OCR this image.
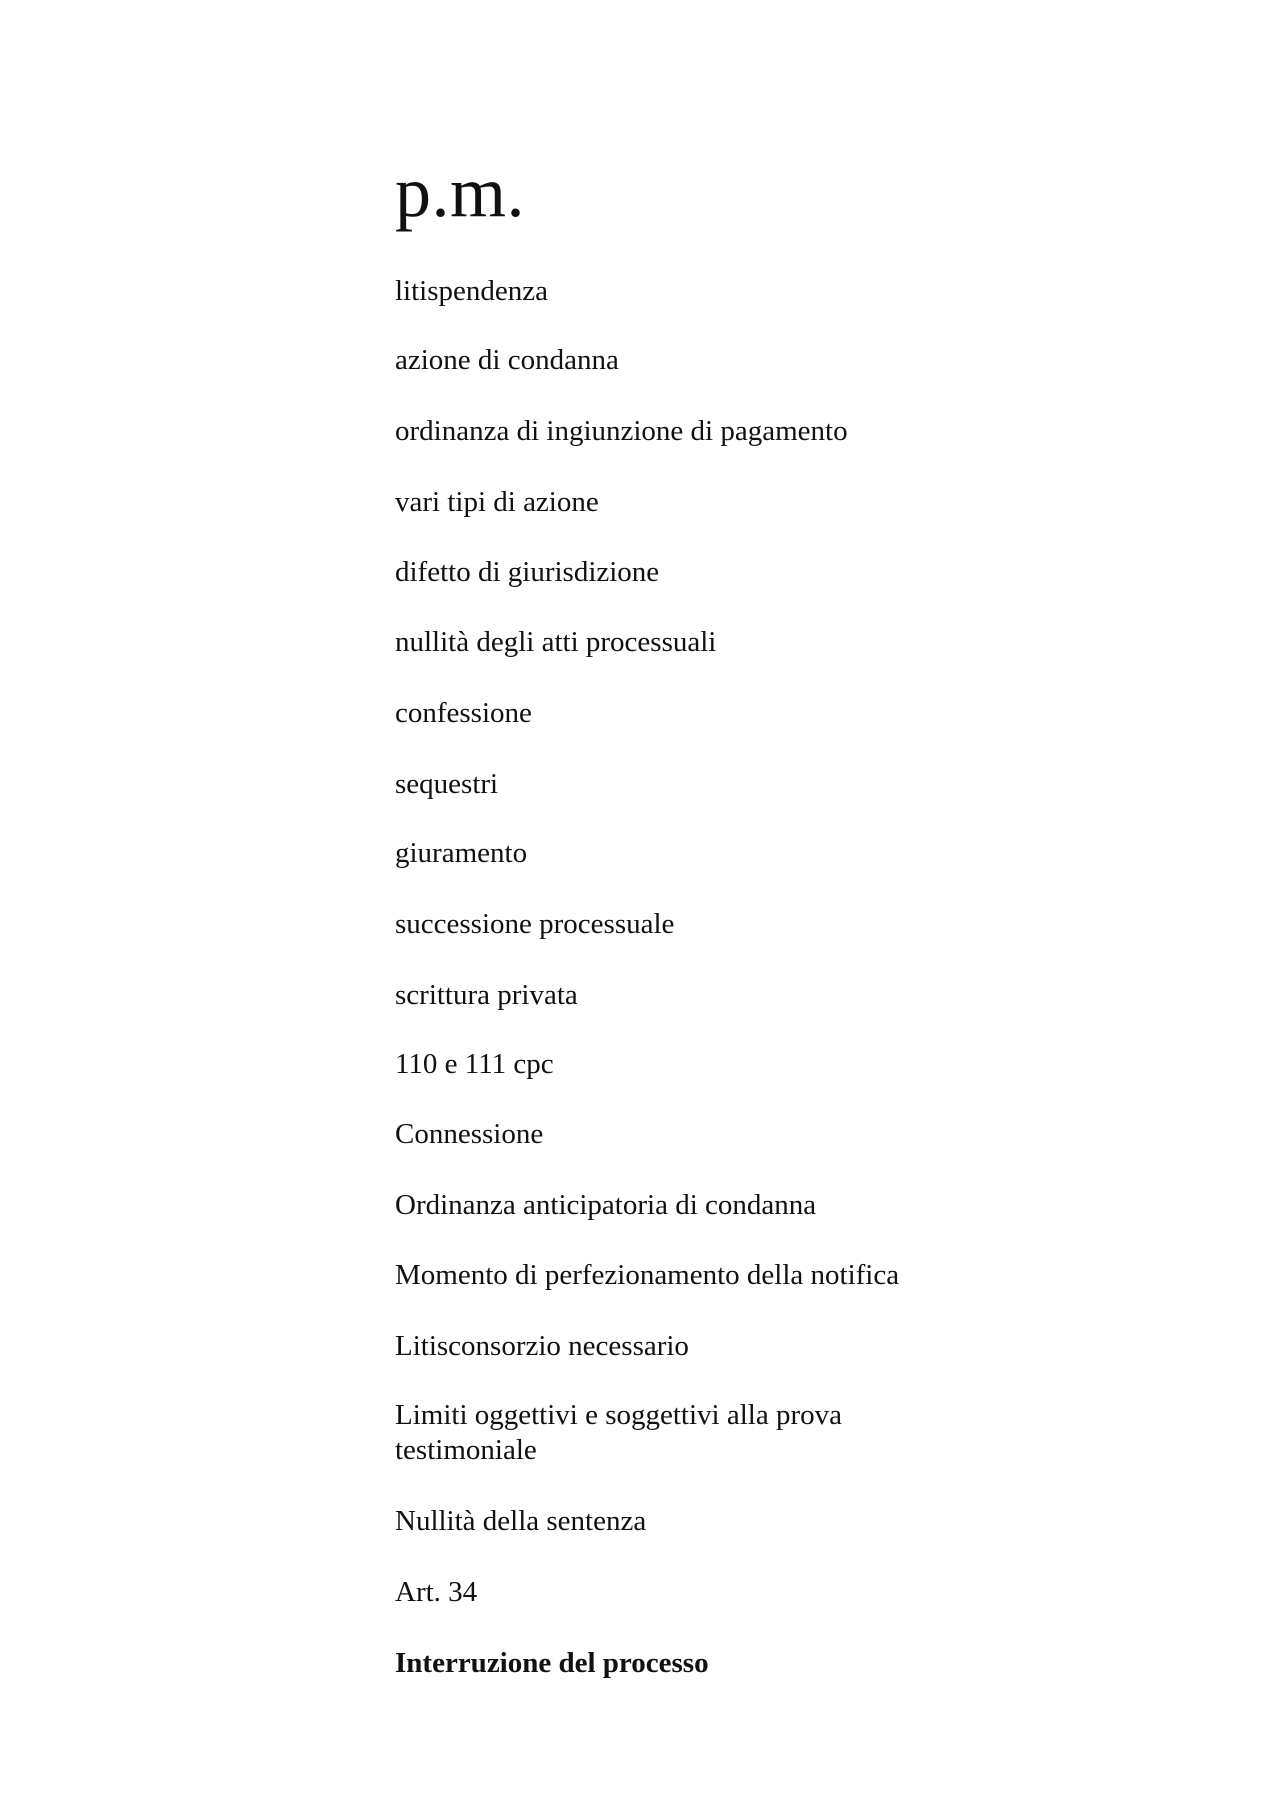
p.m.

litispendenza

azione di condanna

ordinanza di ingiunzione di pagamento

vari tipi di azione

difetto di giurisdizione

nullità degli atti processuali

confessione

sequestri

giuramento

successione processuale

scrittura privata

110 e 111 cpc

Connessione

Ordinanza anticipatoria di condanna

Momento di perfezionamento della notifica

Litisconsorzio necessario

Limiti oggettivi e soggettivi alla prova testimoniale

Nullità della sentenza

Art. 34

Interruzione del processo
